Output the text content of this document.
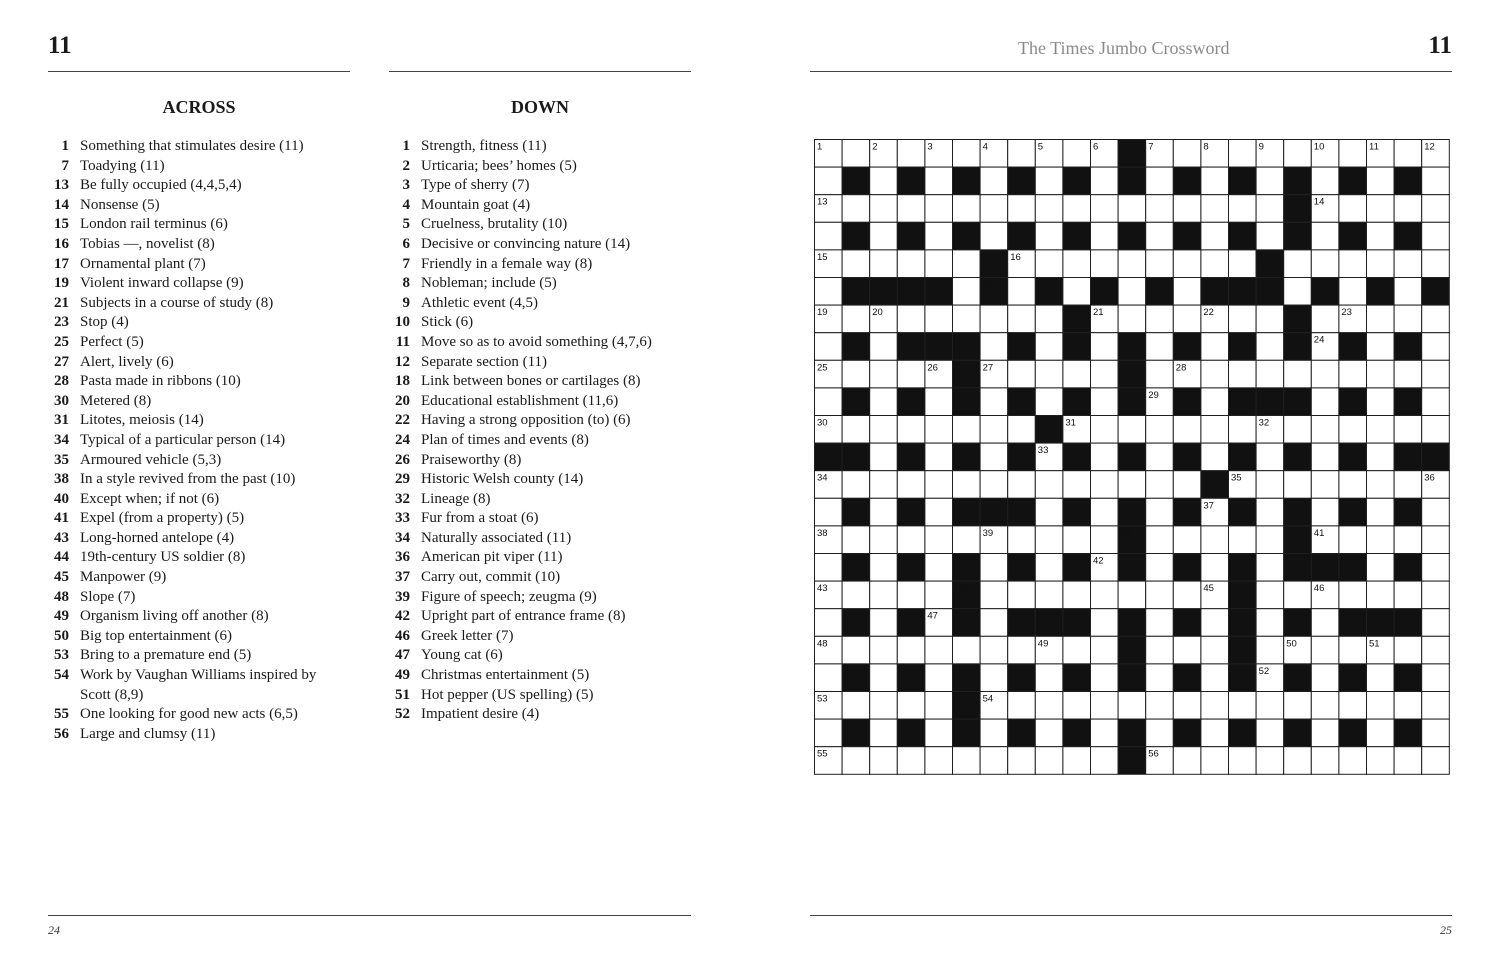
11
ACROSS	DOWN
1 Something that stimulates desire (11)
7 Toadying (11)
13 Be fully occupied (4,4,5,4)
14 Nonsense (5)
15 London rail terminus (6)
16 Tobias —, novelist (8)
17 Ornamental plant (7)
19 Violent inward collapse (9)
21 Subjects in a course of study (8)
23 Stop (4)
25 Perfect (5)
27 Alert, lively (6)
28 Pasta made in ribbons (10)
30 Metered (8)
31 Litotes, meiosis (14)
34 Typical of a particular person (14)
35 Armoured vehicle (5,3)
38 In a style revived from the past (10)
40 Except when; if not (6)
41 Expel (from a property) (5)
43 Long-horned antelope (4)
44 19th-century US soldier (8)
45 Manpower (9)
48 Slope (7)
49 Organism living off another (8)
50 Big top entertainment (6)
53 Bring to a premature end (5)
54 Work by Vaughan Williams inspired by Scott (8,9)
55 One looking for good new acts (6,5)
56 Large and clumsy (11)
1 Strength, fitness (11)
2 Urticaria; bees’ homes (5)
3 Type of sherry (7)
4 Mountain goat (4)
5 Cruelness, brutality (10)
6 Decisive or convincing nature (14)
7 Friendly in a female way (8)
8 Nobleman; include (5)
9 Athletic event (4,5)
10 Stick (6)
11 Move so as to avoid something (4,7,6)
12 Separate section (11)
18 Link between bones or cartilages (8)
20 Educational establishment (11,6)
22 Having a strong opposition (to) (6)
24 Plan of times and events (8)
26 Praiseworthy (8)
29 Historic Welsh county (14)
32 Lineage (8)
33 Fur from a stoat (6)
34 Naturally associated (11)
36 American pit viper (11)
37 Carry out, commit (10)
39 Figure of speech; zeugma (9)
42 Upright part of entrance frame (8)
46 Greek letter (7)
47 Young cat (6)
49 Christmas entertainment (5)
51 Hot pepper (US spelling) (5)
52 Impatient desire (4)
24
The Times Jumbo Crossword	11
1	2	3	4	5	6	7	8	9	10	11	12
13	14
15	16	17
18
19	20	21	22	23
24
25	26	27	28
29
30	31	32
33
34	35	36
37
38	39	40	41
42
43	44	45	46
47
48	49	50	51
52
53	54
55	56
25
